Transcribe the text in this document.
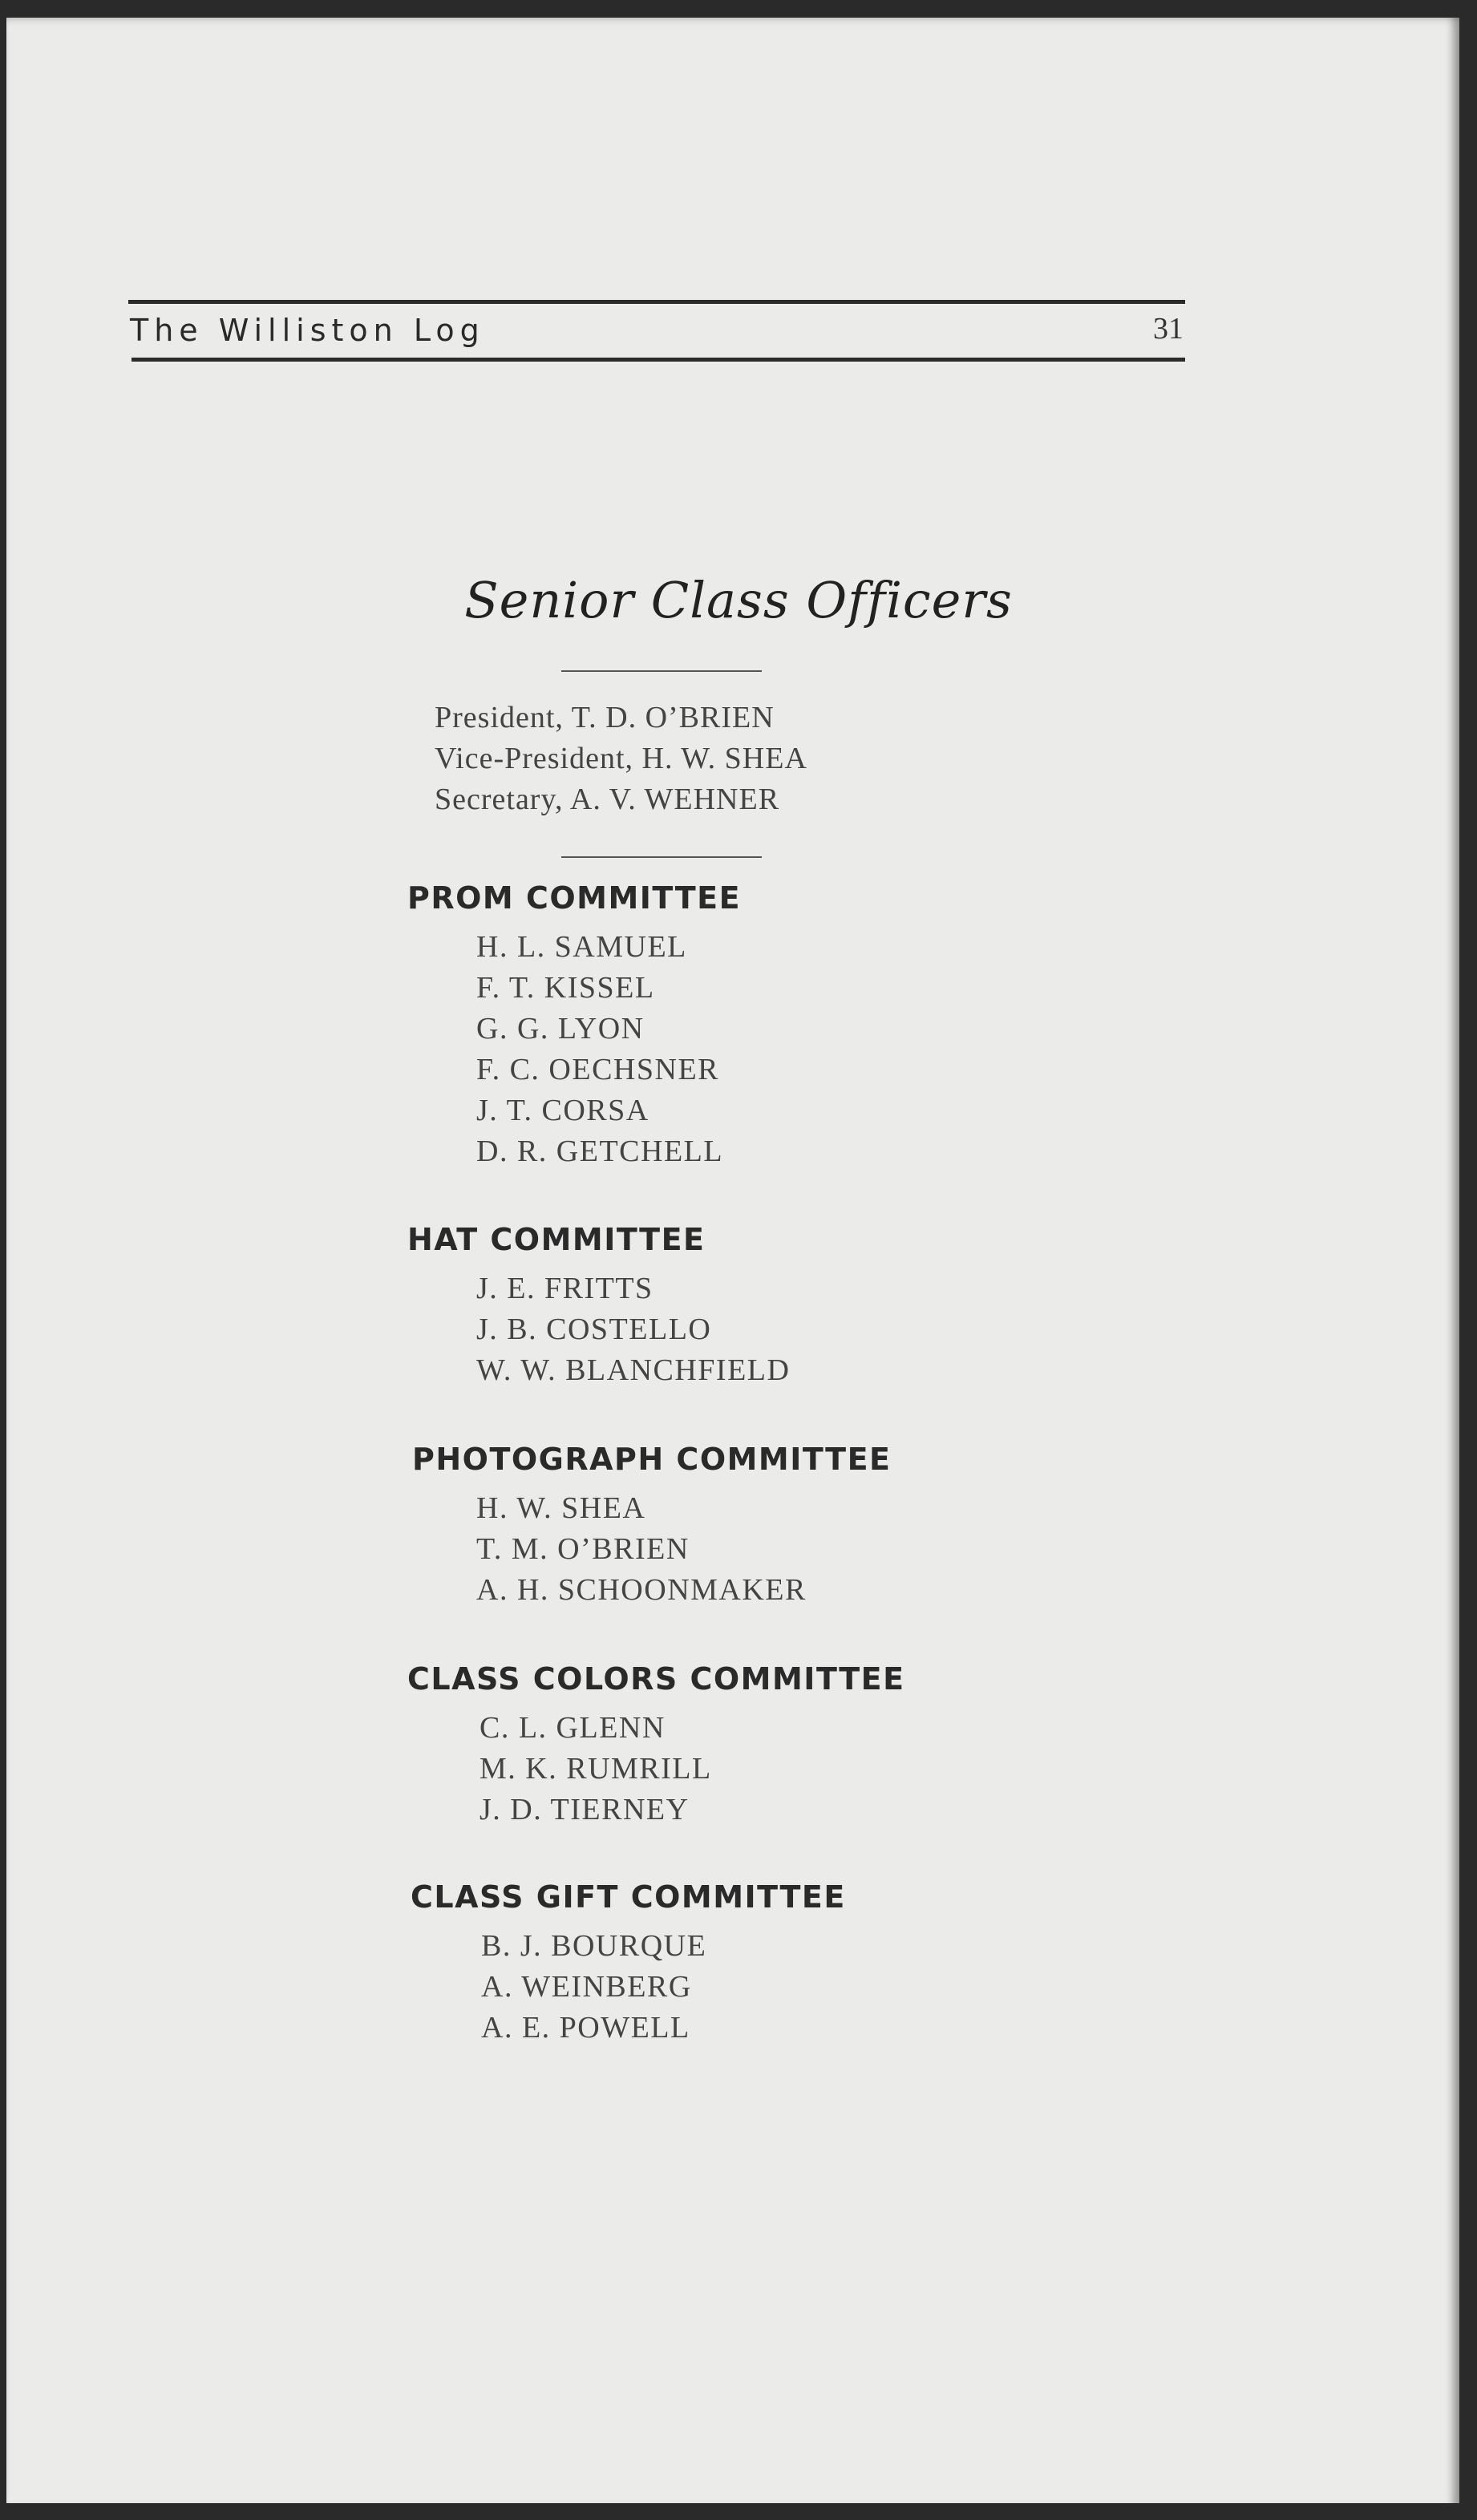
The Williston Log	31
Senior Class Officers
President, T. D. O’BRIEN
Vice-President, H. W. SHEA
Secretary, A. V. WEHNER
PROM COMMITTEE
H. L. SAMUEL
F. T. KISSEL
G. G. LYON
F. C. OECHSNER
J. T. CORSA
D. R. GETCHELL
HAT COMMITTEE
J. E. FRITTS
J. B. COSTELLO
W. W. BLANCHFIELD
PHOTOGRAPH COMMITTEE
H. W. SHEA
T. M. O’BRIEN
A. H. SCHOONMAKER
CLASS COLORS COMMITTEE
C. L. GLENN
M. K. RUMRILL
J. D. TIERNEY
CLASS GIFT COMMITTEE
B. J. BOURQUE
A. WEINBERG
A. E. POWELL
